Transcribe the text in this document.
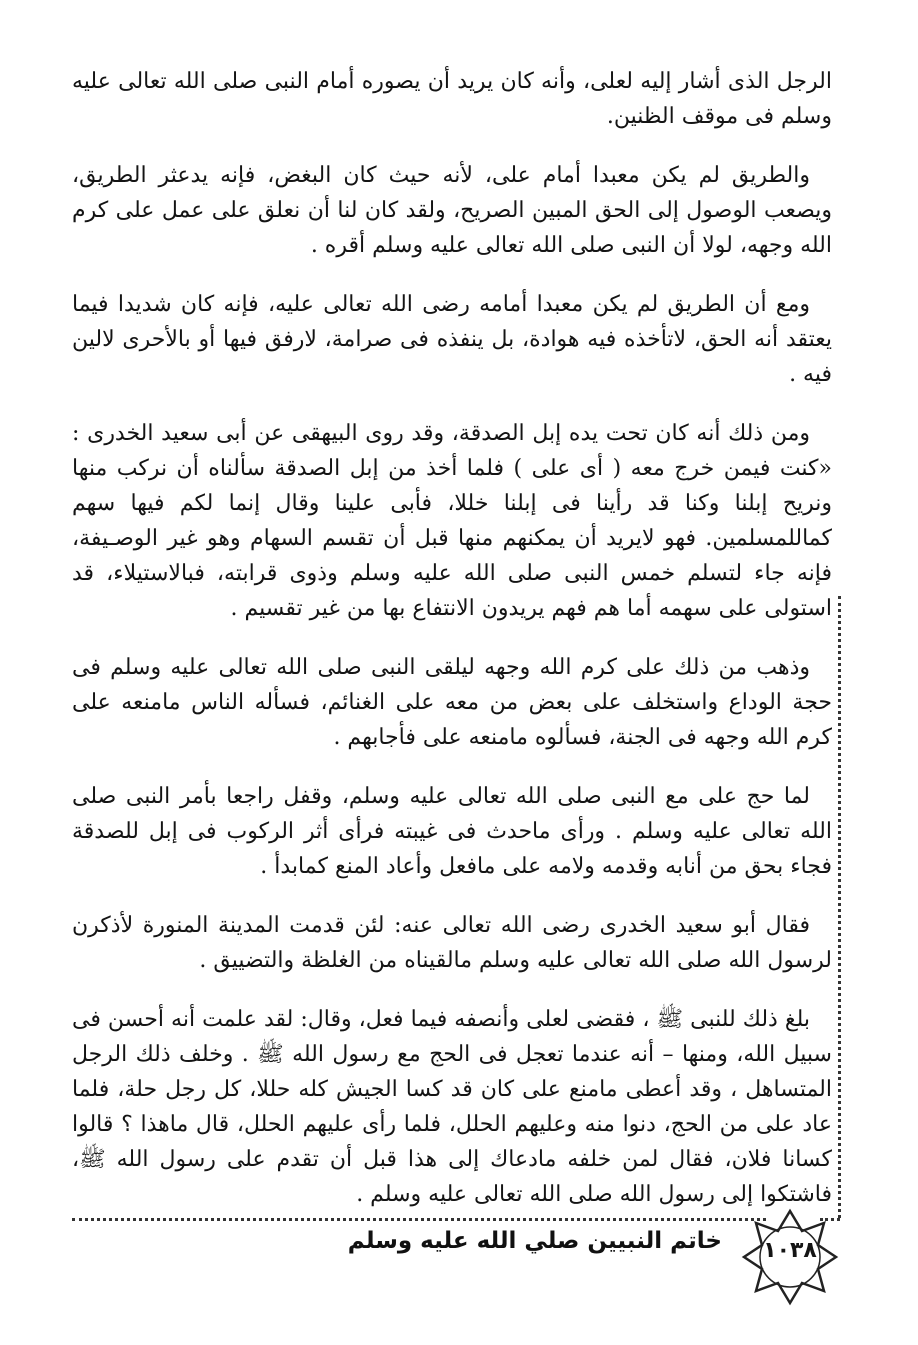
الرجل الذى أشار إليه لعلى، وأنه كان يريد أن يصوره أمام النبى صلى الله تعالى عليه وسلم فى موقف الظنين.

والطريق لم يكن معبدا أمام على، لأنه حيث كان البغض، فإنه يدعثر الطريق، ويصعب الوصول إلى الحق المبين الصريح، ولقد كان لنا أن نعلق على عمل على كرم الله وجهه، لولا أن النبى صلى الله تعالى عليه وسلم أقره .

ومع أن الطريق لم يكن معبدا أمامه رضى الله تعالى عليه، فإنه كان شديدا فيما يعتقد أنه الحق، لاتأخذه فيه هوادة، بل ينفذه فى صرامة، لارفق فيها أو بالأحرى لالين فيه .

ومن ذلك أنه كان تحت يده إبل الصدقة، وقد روى البيهقى عن أبى سعيد الخدرى : «كنت فيمن خرج معه ( أى على ) فلما أخذ من إبل الصدقة سألناه أن نركب منها ونريح إبلنا وكنا قد رأينا فى إبلنا خللا، فأبى علينا وقال إنما لكم فيها سهم كماللمسلمين. فهو لايريد أن يمكنهم منها قبل أن تقسم السهام وهو غير الوصـيفة، فإنه جاء لتسلم خمس النبى صلى الله عليه وسلم وذوى قرابته، فبالاستيلاء، قد استولى على سهمه أما هم فهم يريدون الانتفاع بها من غير تقسيم .

وذهب من ذلك على كرم الله وجهه ليلقى النبى صلى الله تعالى عليه وسلم فى حجة الوداع واستخلف على بعض من معه على الغنائم، فسأله الناس مامنعه على كرم الله وجهه فى الجنة، فسألوه مامنعه على فأجابهم .

لما حج على مع النبى صلى الله تعالى عليه وسلم، وقفل راجعا بأمر النبى صلى الله تعالى عليه وسلم . ورأى ماحدث فى غيبته فرأى أثر الركوب فى إبل للصدقة فجاء بحق من أنابه وقدمه ولامه على مافعل وأعاد المنع كمابدأ .

فقال أبو سعيد الخدرى رضى الله تعالى عنه: لئن قدمت المدينة المنورة لأذكرن لرسول الله صلى الله تعالى عليه وسلم مالقيناه من الغلظة والتضييق .

بلغ ذلك للنبى ﷺ ، فقضى لعلى وأنصفه فيما فعل، وقال: لقد علمت أنه أحسن فى سبيل الله، ومنها – أنه عندما تعجل فى الحج مع رسول الله ﷺ . وخلف ذلك الرجل المتساهل ، وقد أعطى مامنع على كان قد كسا الجيش كله حللا، كل رجل حلة، فلما عاد على من الحج، دنوا منه وعليهم الحلل، فلما رأى عليهم الحلل، قال ماهذا ؟ قالوا كسانا فلان، فقال لمن خلفه مادعاك إلى هذا قبل أن تقدم على رسول الله ﷺ، فاشتكوا إلى رسول الله صلى الله تعالى عليه وسلم .

خاتم النبيين صلي الله عليه وسلم	١٠٣٨
